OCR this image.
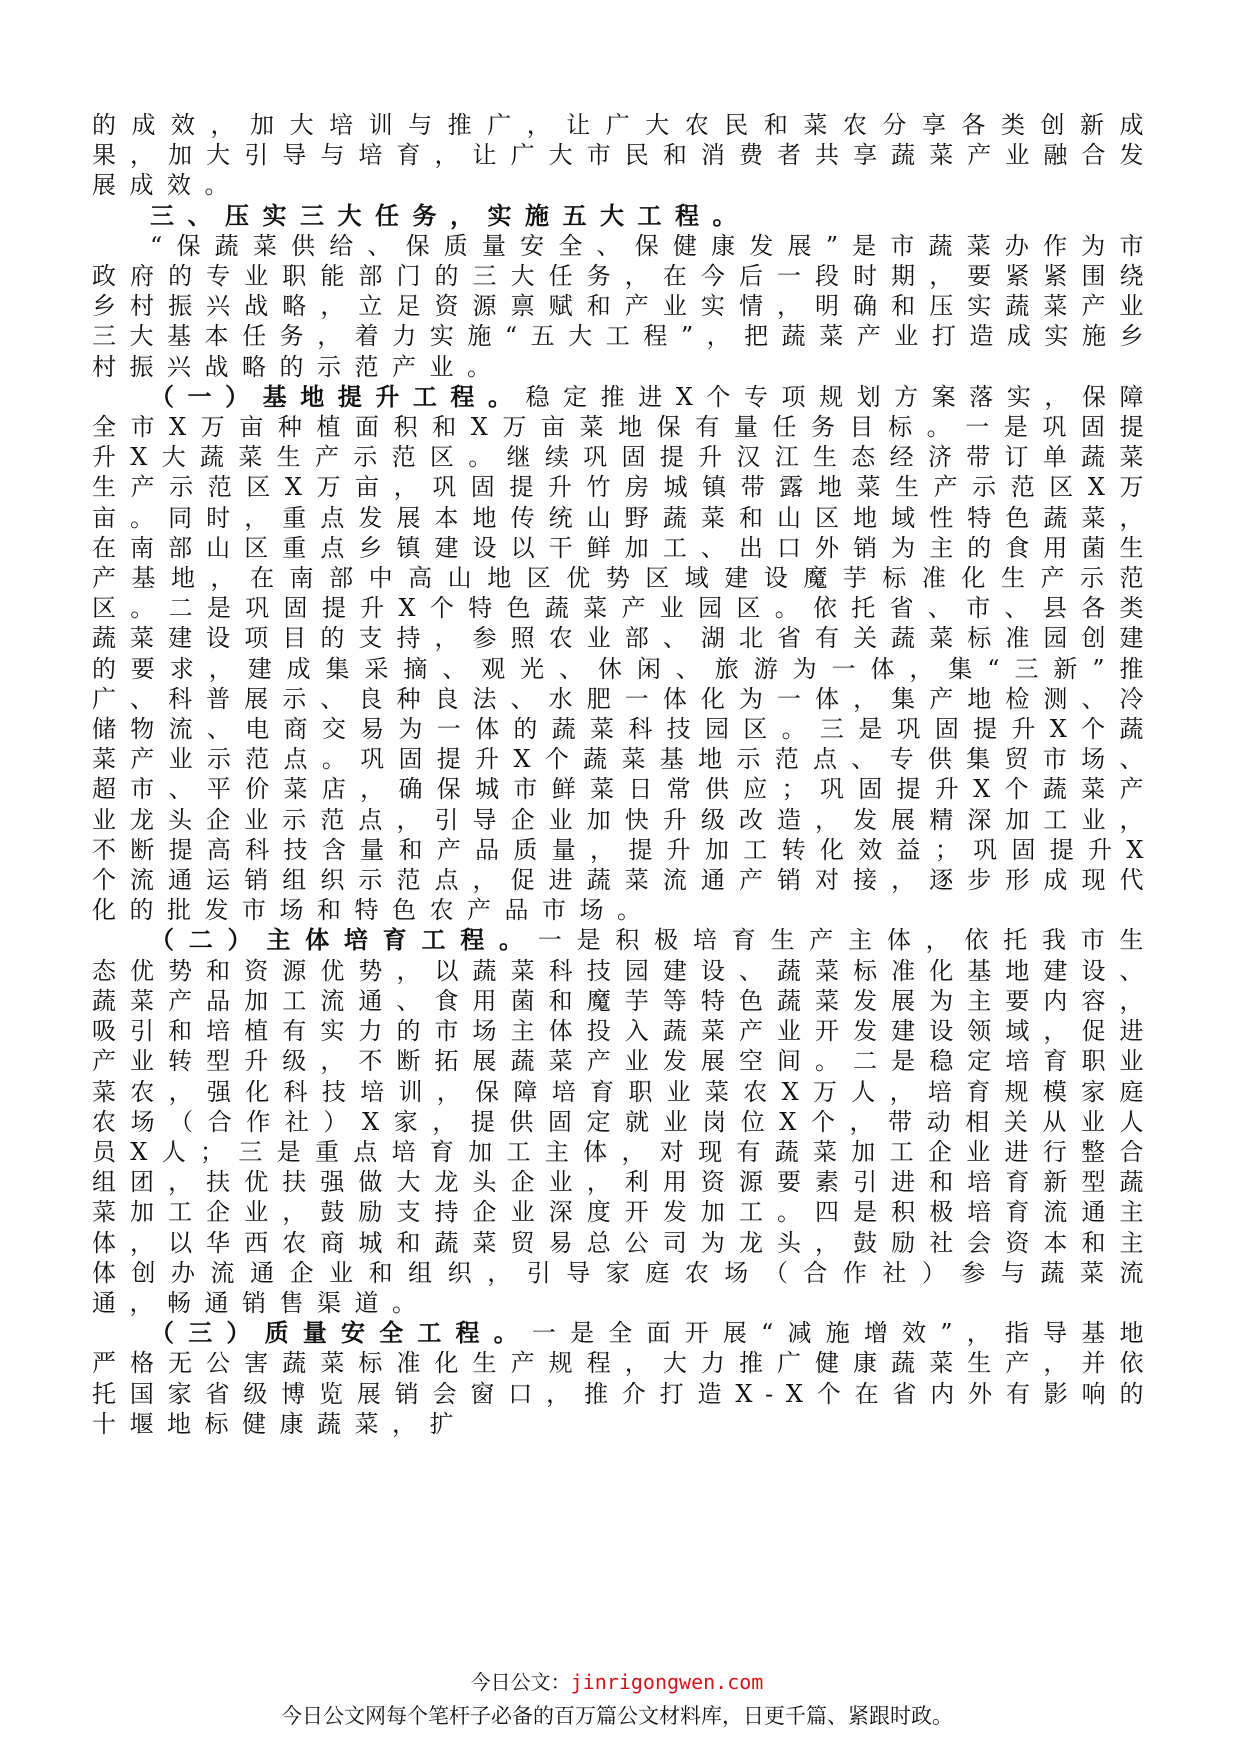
的成效，加大培训与推广，让广大农民和菜农分享各类创新成果，加大引导与培育，让广大市民和消费者共享蔬菜产业融合发展成效。

三、压实三大任务，实施五大工程。

“保蔬菜供给、保质量安全、保健康发展”是市蔬菜办作为市政府的专业职能部门的三大任务，在今后一段时期，要紧紧围绕乡村振兴战略，立足资源禀赋和产业实情，明确和压实蔬菜产业三大基本任务，着力实施“五大工程”，把蔬菜产业打造成实施乡村振兴战略的示范产业。

（一）基地提升工程。稳定推进X个专项规划方案落实，保障全市X万亩种植面积和X万亩菜地保有量任务目标。一是巩固提升X大蔬菜生产示范区。继续巩固提升汉江生态经济带订单蔬菜生产示范区X万亩，巩固提升竹房城镇带露地菜生产示范区X万亩。同时，重点发展本地传统山野蔬菜和山区地域性特色蔬菜，在南部山区重点乡镇建设以干鲜加工、出口外销为主的食用菌生产基地，在南部中高山地区优势区域建设魔芋标准化生产示范区。二是巩固提升X个特色蔬菜产业园区。依托省、市、县各类蔬菜建设项目的支持，参照农业部、湖北省有关蔬菜标准园创建的要求，建成集采摘、观光、休闲、旅游为一体，集“三新”推广、科普展示、良种良法、水肥一体化为一体，集产地检测、冷储物流、电商交易为一体的蔬菜科技园区。三是巩固提升X个蔬菜产业示范点。巩固提升X个蔬菜基地示范点、专供集贸市场、超市、平价菜店，确保城市鲜菜日常供应；巩固提升X个蔬菜产业龙头企业示范点，引导企业加快升级改造，发展精深加工业，不断提高科技含量和产品质量，提升加工转化效益；巩固提升X个流通运销组织示范点，促进蔬菜流通产销对接，逐步形成现代化的批发市场和特色农产品市场。

（二）主体培育工程。一是积极培育生产主体，依托我市生态优势和资源优势，以蔬菜科技园建设、蔬菜标准化基地建设、蔬菜产品加工流通、食用菌和魔芋等特色蔬菜发展为主要内容，吸引和培植有实力的市场主体投入蔬菜产业开发建设领域，促进产业转型升级，不断拓展蔬菜产业发展空间。二是稳定培育职业菜农，强化科技培训，保障培育职业菜农X万人，培育规模家庭农场（合作社）X家，提供固定就业岗位X个，带动相关从业人员X人；三是重点培育加工主体，对现有蔬菜加工企业进行整合组团，扶优扶强做大龙头企业，利用资源要素引进和培育新型蔬菜加工企业，鼓励支持企业深度开发加工。四是积极培育流通主体，以华西农商城和蔬菜贸易总公司为龙头，鼓励社会资本和主体创办流通企业和组织，引导家庭农场（合作社）参与蔬菜流通，畅通销售渠道。

（三）质量安全工程。一是全面开展“减施增效”，指导基地严格无公害蔬菜标准化生产规程，大力推广健康蔬菜生产，并依托国家省级博览展销会窗口，推介打造X-X个在省内外有影响的十堰地标健康蔬菜，扩

今日公文：jinrigongwen.com
今日公文网每个笔杆子必备的百万篇公文材料库，日更千篇、紧跟时政。
